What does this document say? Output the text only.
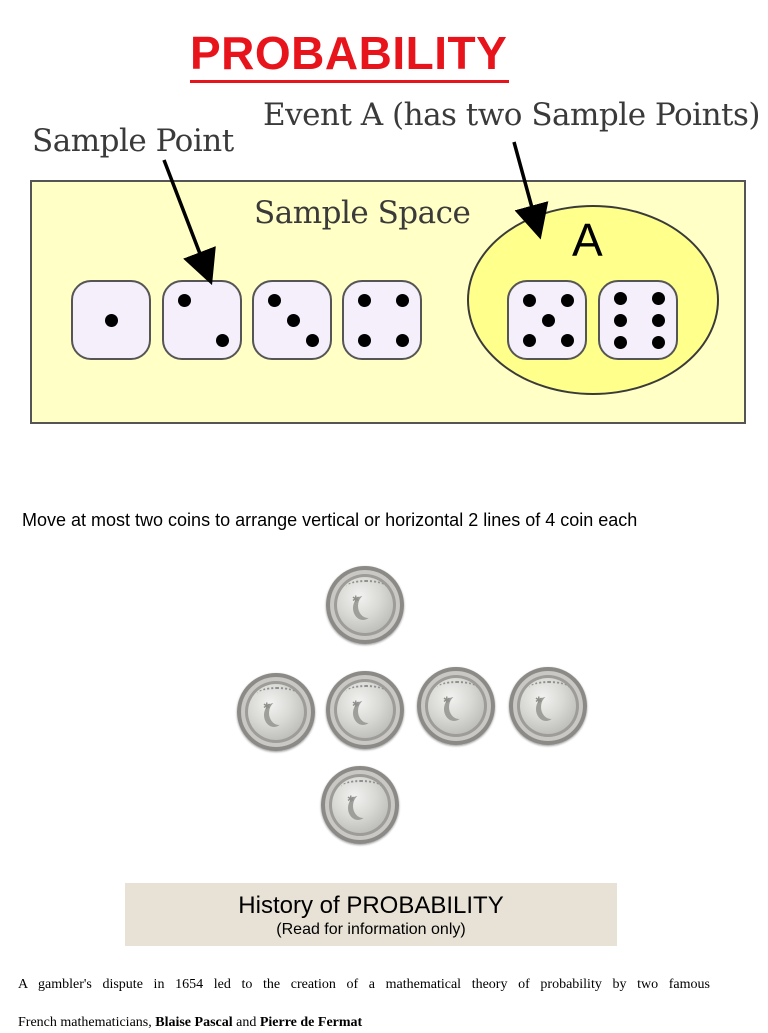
PROBABILITY
Sample Point
Event A (has two Sample Points)
Sample Space
A
Move at most two coins to arrange vertical or horizontal 2 lines of 4 coin each
✱
✱	✱	✱	✱
✱
History of PROBABILITY
(Read for information only)
A gambler's dispute in 1654 led to the creation of a mathematical theory of probability by two famous
French mathematicians, Blaise Pascal and Pierre de Fermat
